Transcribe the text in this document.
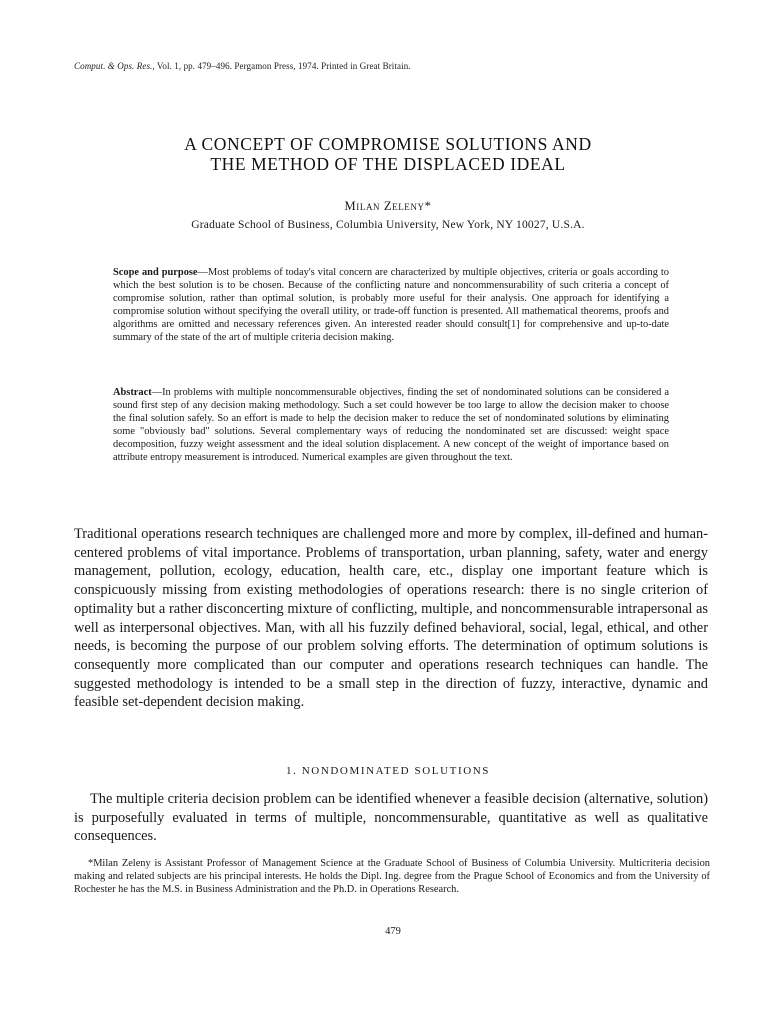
Comput. & Ops. Res., Vol. 1, pp. 479–496. Pergamon Press, 1974. Printed in Great Britain.
A CONCEPT OF COMPROMISE SOLUTIONS AND
THE METHOD OF THE DISPLACED IDEAL
Milan Zeleny*
Graduate School of Business, Columbia University, New York, NY 10027, U.S.A.
Scope and purpose—Most problems of today's vital concern are characterized by multiple objectives, criteria or goals according to which the best solution is to be chosen. Because of the conflicting nature and noncommensurability of such criteria a concept of compromise solution, rather than optimal solution, is probably more useful for their analysis. One approach for identifying a compromise solution without specifying the overall utility, or trade-off function is presented. All mathematical theorems, proofs and algorithms are omitted and necessary references given. An interested reader should consult[1] for comprehensive and up-to-date summary of the state of the art of multiple criteria decision making.
Abstract—In problems with multiple noncommensurable objectives, finding the set of nondominated solutions can be considered a sound first step of any decision making methodology. Such a set could however be too large to allow the decision maker to choose the final solution safely. So an effort is made to help the decision maker to reduce the set of nondominated solutions by eliminating some "obviously bad" solutions. Several complementary ways of reducing the nondominated set are discussed: weight space decomposition, fuzzy weight assessment and the ideal solution displacement. A new concept of the weight of importance based on attribute entropy measurement is introduced. Numerical examples are given throughout the text.
Traditional operations research techniques are challenged more and more by complex, ill-defined and human-centered problems of vital importance. Problems of transportation, urban planning, safety, water and energy management, pollution, ecology, education, health care, etc., display one important feature which is conspicuously missing from existing methodologies of operations research: there is no single criterion of optimality but a rather disconcerting mixture of conflicting, multiple, and noncommensurable intrapersonal as well as interpersonal objectives. Man, with all his fuzzily defined behavioral, social, legal, ethical, and other needs, is becoming the purpose of our problem solving efforts. The determination of optimum solutions is consequently more complicated than our computer and operations research techniques can handle. The suggested methodology is intended to be a small step in the direction of fuzzy, interactive, dynamic and feasible set-dependent decision making.
1. NONDOMINATED SOLUTIONS
The multiple criteria decision problem can be identified whenever a feasible decision (alternative, solution) is purposefully evaluated in terms of multiple, noncommensurable, quantitative as well as qualitative consequences.
*Milan Zeleny is Assistant Professor of Management Science at the Graduate School of Business of Columbia University. Multicriteria decision making and related subjects are his principal interests. He holds the Dipl. Ing. degree from the Prague School of Economics and from the University of Rochester he has the M.S. in Business Administration and the Ph.D. in Operations Research.
479
